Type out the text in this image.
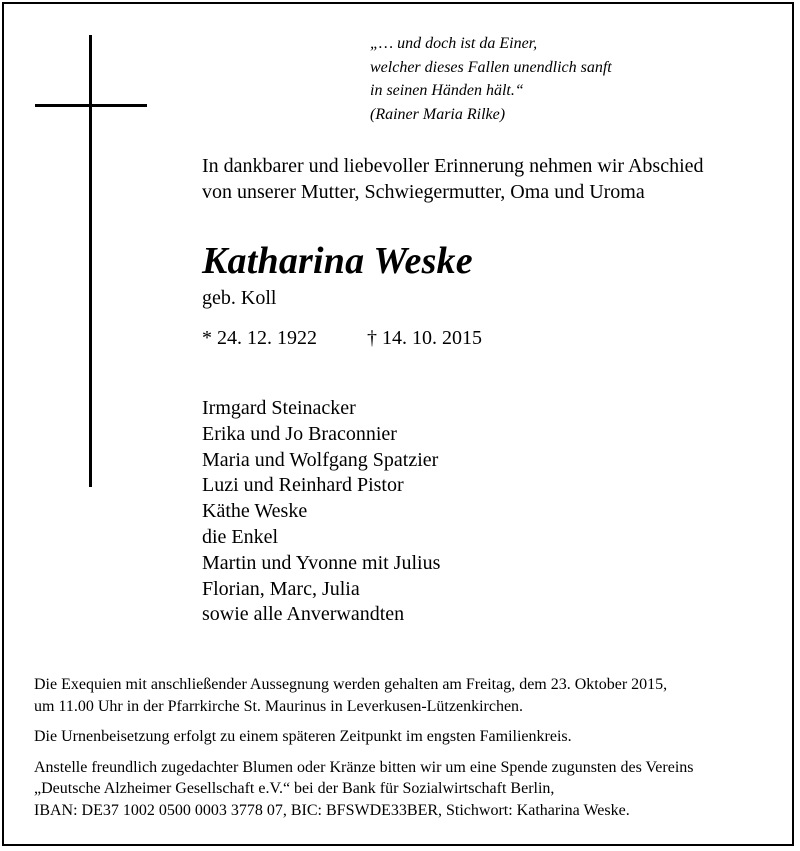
„… und doch ist da Einer,
welcher dieses Fallen unendlich sanft
in seinen Händen hält.“
(Rainer Maria Rilke)
In dankbarer und liebevoller Erinnerung nehmen wir Abschied
von unserer Mutter, Schwiegermutter, Oma und Uroma
Katharina Weske
geb. Koll
* 24. 12. 1922	† 14. 10. 2015
Irmgard Steinacker
Erika und Jo Braconnier
Maria und Wolfgang Spatzier
Luzi und Reinhard Pistor
Käthe Weske
die Enkel
Martin und Yvonne mit Julius
Florian, Marc, Julia
sowie alle Anverwandten
Die Exequien mit anschließender Aussegnung werden gehalten am Freitag, dem 23. Oktober 2015,
um 11.00 Uhr in der Pfarrkirche St. Maurinus in Leverkusen-Lützenkirchen.
Die Urnenbeisetzung erfolgt zu einem späteren Zeitpunkt im engsten Familienkreis.
Anstelle freundlich zugedachter Blumen oder Kränze bitten wir um eine Spende zugunsten des Vereins
„Deutsche Alzheimer Gesellschaft e.V.“ bei der Bank für Sozialwirtschaft Berlin,
IBAN: DE37 1002 0500 0003 3778 07, BIC: BFSWDE33BER, Stichwort: Katharina Weske.
